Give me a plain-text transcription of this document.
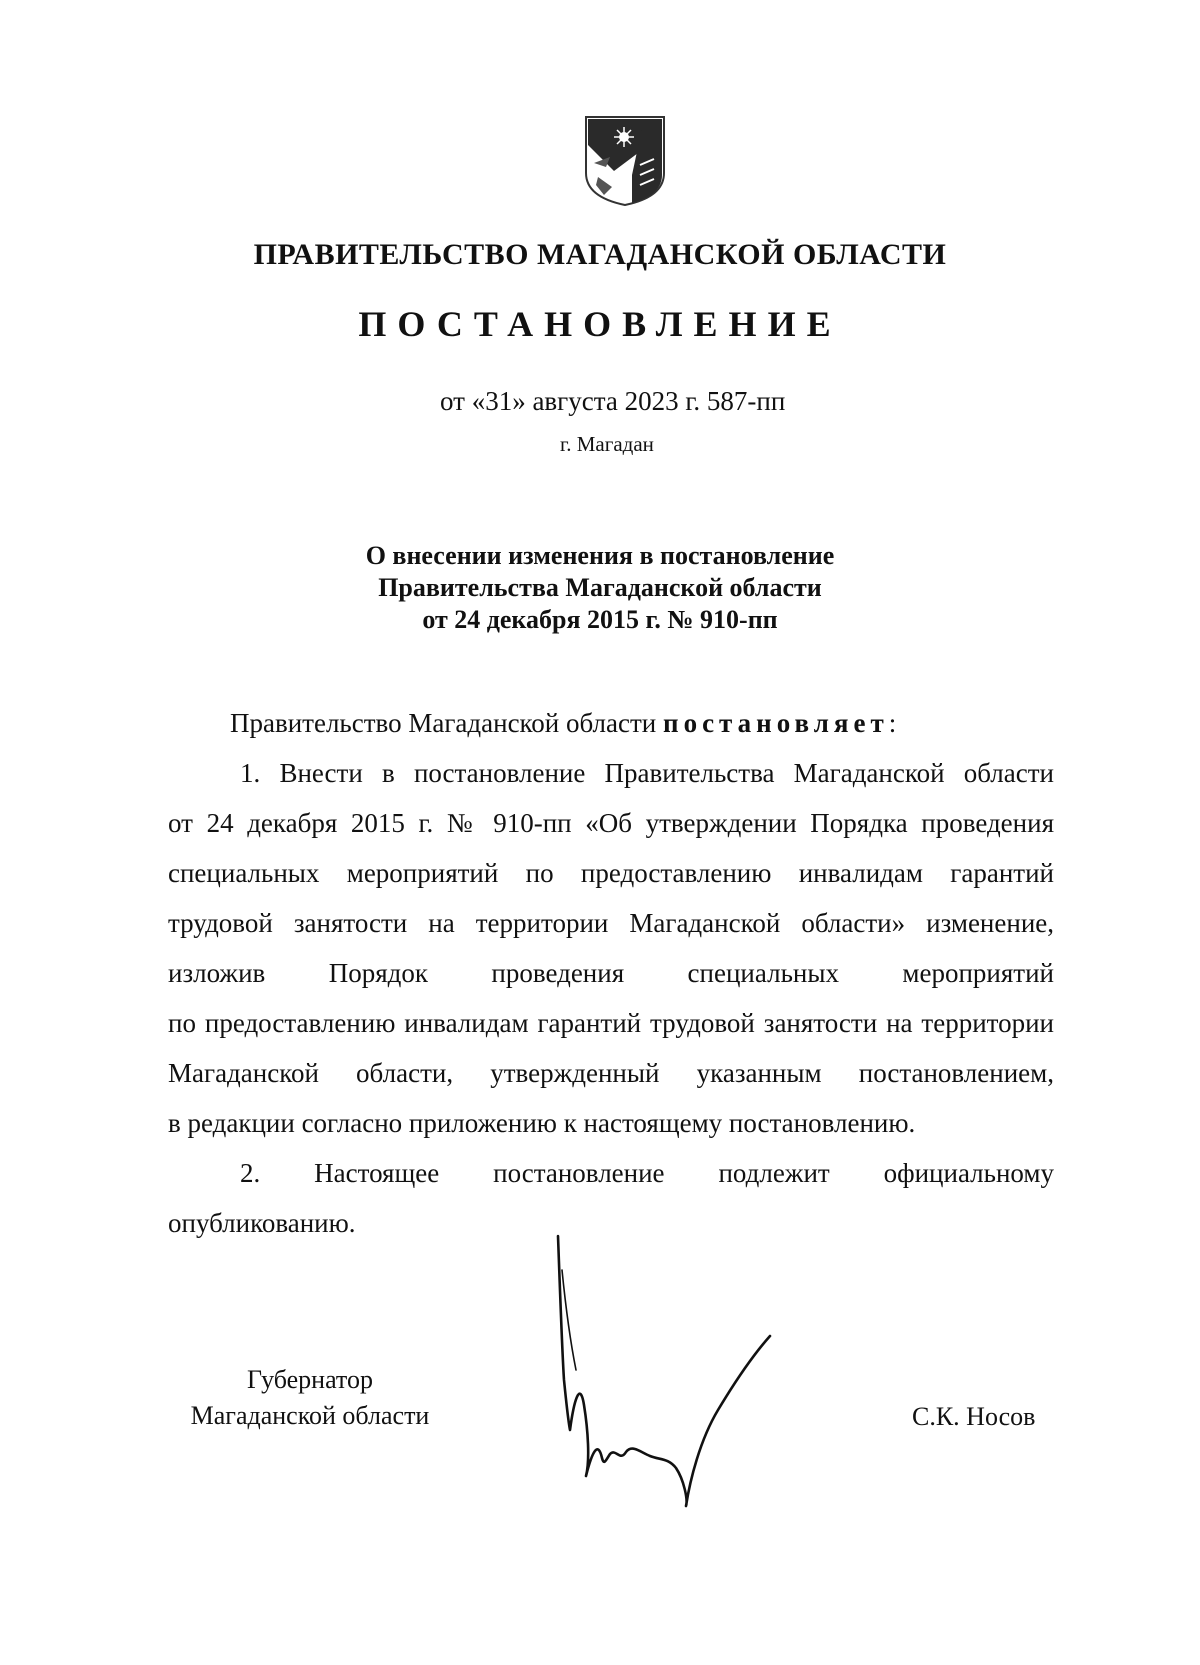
ПРАВИТЕЛЬСТВО МАГАДАНСКОЙ ОБЛАСТИ
ПОСТАНОВЛЕНИЕ
от «31» августа 2023 г. 587-пп
г. Магадан
О внесении изменения в постановление
Правительства Магаданской области
от 24 декабря 2015 г. № 910-пп
Правительство Магаданской области постановляет:
1. Внести в постановление Правительства Магаданской области
от 24 декабря 2015 г. № 910-пп «Об утверждении Порядка проведения
специальных мероприятий по предоставлению инвалидам гарантий
трудовой занятости на территории Магаданской области» изменение,
изложив Порядок проведения специальных мероприятий
по предоставлению инвалидам гарантий трудовой занятости на территории
Магаданской области, утвержденный указанным постановлением,
в редакции согласно приложению к настоящему постановлению.
2. Настоящее постановление подлежит официальному
опубликованию.
Губернатор
Магаданской области	С.К. Носов
